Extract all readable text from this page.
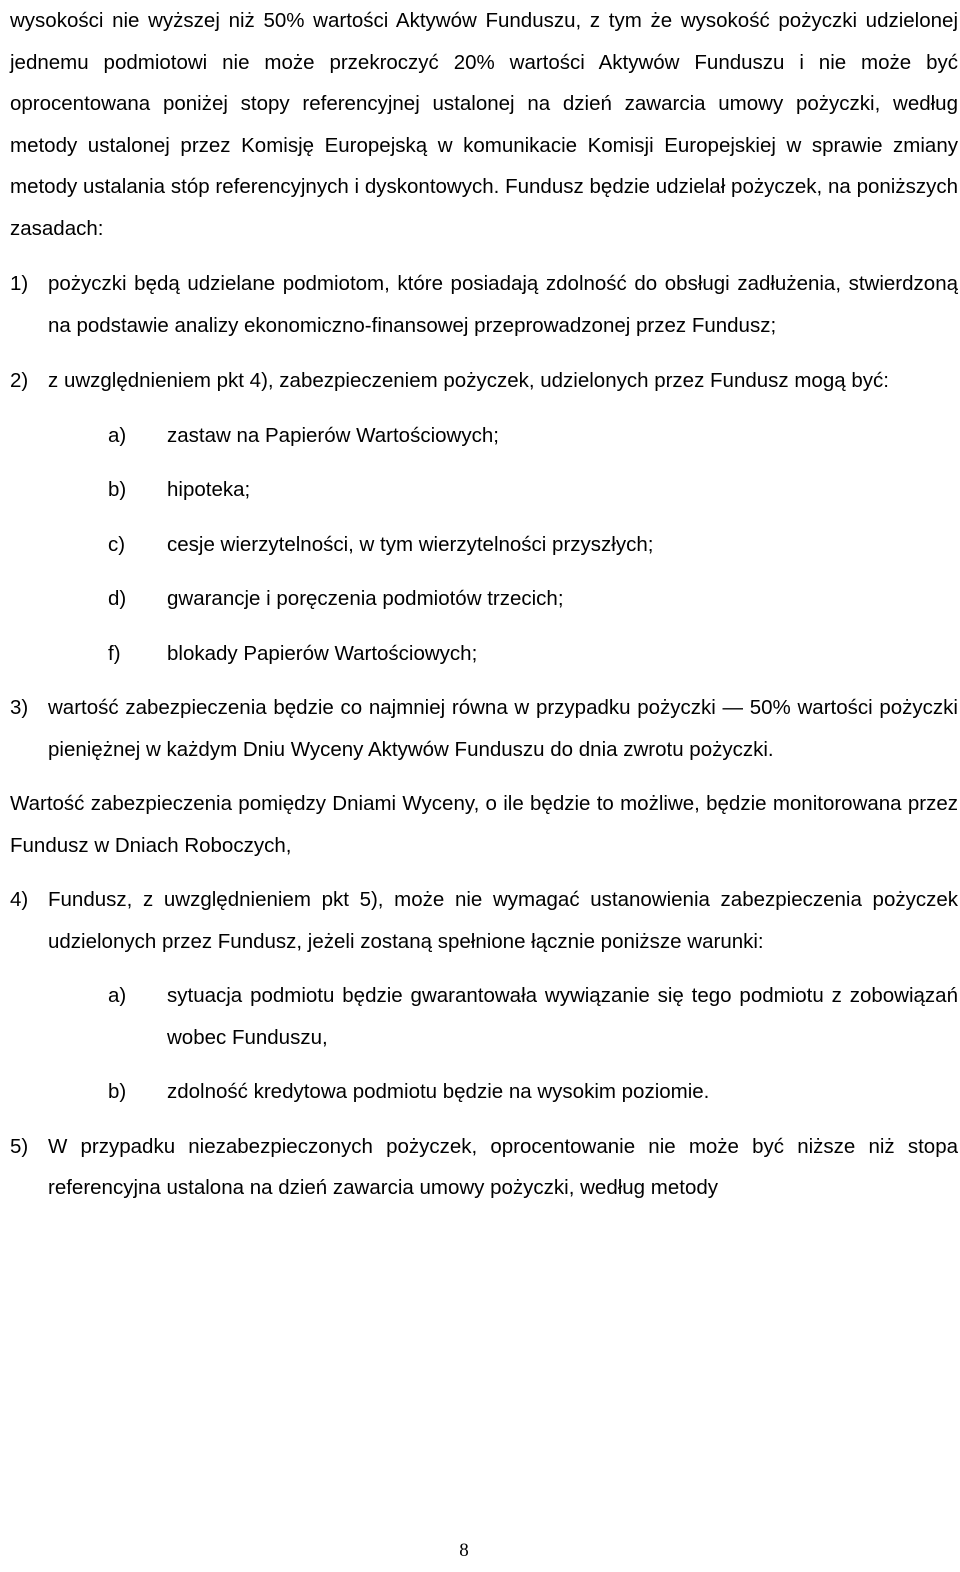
wysokości nie wyższej niż 50% wartości Aktywów Funduszu, z tym że wysokość pożyczki udzielonej jednemu podmiotowi nie może przekroczyć 20% wartości Aktywów Funduszu i nie może być oprocentowana poniżej stopy referencyjnej ustalonej na dzień zawarcia umowy pożyczki, według metody ustalonej przez Komisję Europejską w komunikacie Komisji Europejskiej w sprawie zmiany metody ustalania stóp referencyjnych i dyskontowych. Fundusz będzie udzielał pożyczek, na poniższych zasadach:

1) pożyczki będą udzielane podmiotom, które posiadają zdolność do obsługi zadłużenia, stwierdzoną na podstawie analizy ekonomiczno-finansowej przeprowadzonej przez Fundusz;
2) z uwzględnieniem pkt 4), zabezpieczeniem pożyczek, udzielonych przez Fundusz mogą być:
a) zastaw na Papierów Wartościowych;
b) hipoteka;
c) cesje wierzytelności, w tym wierzytelności przyszłych;
d) gwarancje i poręczenia podmiotów trzecich;
f) blokady Papierów Wartościowych;
3) wartość zabezpieczenia będzie co najmniej równa w przypadku pożyczki — 50% wartości pożyczki pieniężnej w każdym Dniu Wyceny Aktywów Funduszu do dnia zwrotu pożyczki.

Wartość zabezpieczenia pomiędzy Dniami Wyceny, o ile będzie to możliwe, będzie monitorowana przez Fundusz w Dniach Roboczych,

4) Fundusz, z uwzględnieniem pkt 5), może nie wymagać ustanowienia zabezpieczenia pożyczek udzielonych przez Fundusz, jeżeli zostaną spełnione łącznie poniższe warunki:
a) sytuacja podmiotu będzie gwarantowała wywiązanie się tego podmiotu z zobowiązań wobec Funduszu,
b) zdolność kredytowa podmiotu będzie na wysokim poziomie.
5) W przypadku niezabezpieczonych pożyczek, oprocentowanie nie może być niższe niż stopa referencyjna ustalona na dzień zawarcia umowy pożyczki, według metody
8
